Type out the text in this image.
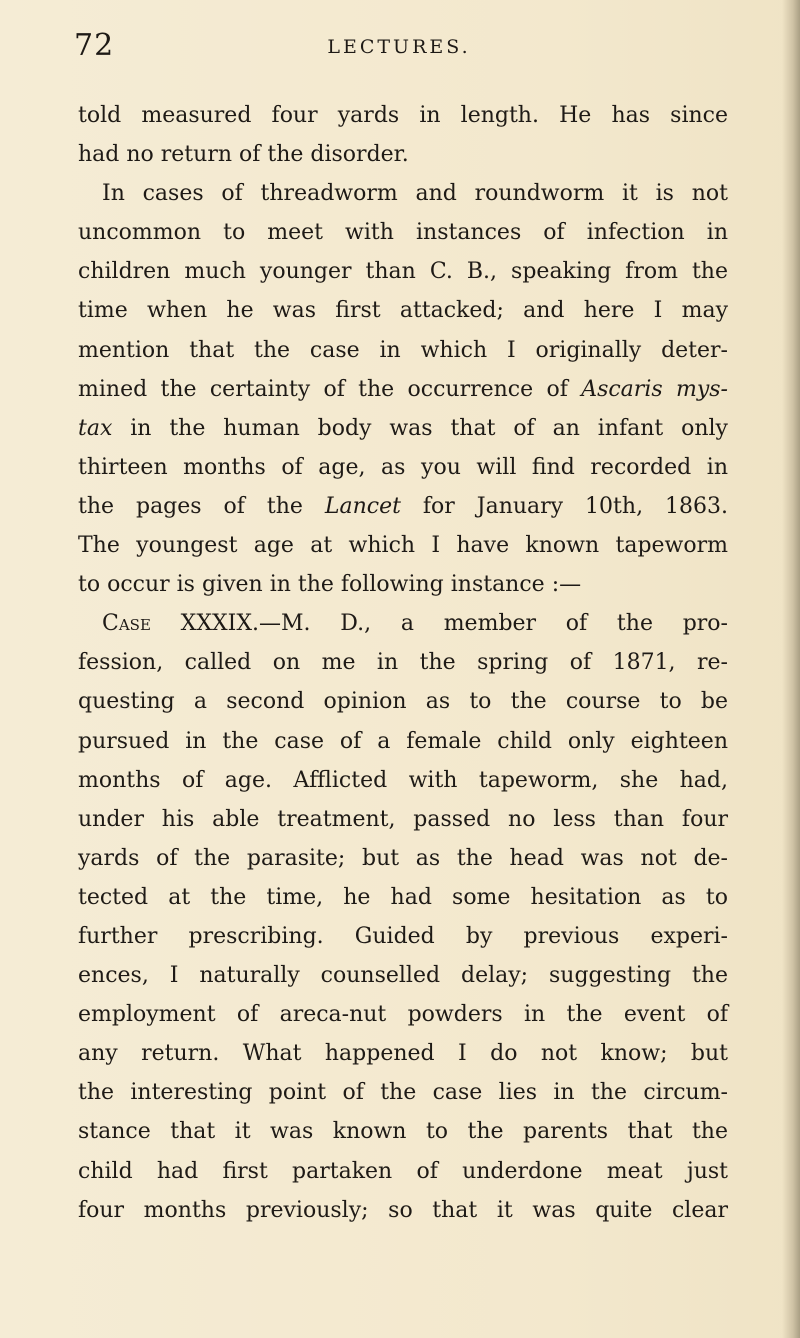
72	LECTURES.
told measured four yards in length. He has since
had no return of the disorder.
In cases of threadworm and roundworm it is not
uncommon to meet with instances of infection in
children much younger than C. B., speaking from the
time when he was first attacked; and here I may
mention that the case in which I originally deter-
mined the certainty of the occurrence of Ascaris mys-
tax in the human body was that of an infant only
thirteen months of age, as you will find recorded in
the pages of the Lancet for January 10th, 1863.
The youngest age at which I have known tapeworm
to occur is given in the following instance :—
Case XXXIX.—M. D., a member of the pro-
fession, called on me in the spring of 1871, re-
questing a second opinion as to the course to be
pursued in the case of a female child only eighteen
months of age. Afflicted with tapeworm, she had,
under his able treatment, passed no less than four
yards of the parasite; but as the head was not de-
tected at the time, he had some hesitation as to
further prescribing. Guided by previous experi-
ences, I naturally counselled delay; suggesting the
employment of areca-nut powders in the event of
any return. What happened I do not know; but
the interesting point of the case lies in the circum-
stance that it was known to the parents that the
child had first partaken of underdone meat just
four months previously; so that it was quite clear
